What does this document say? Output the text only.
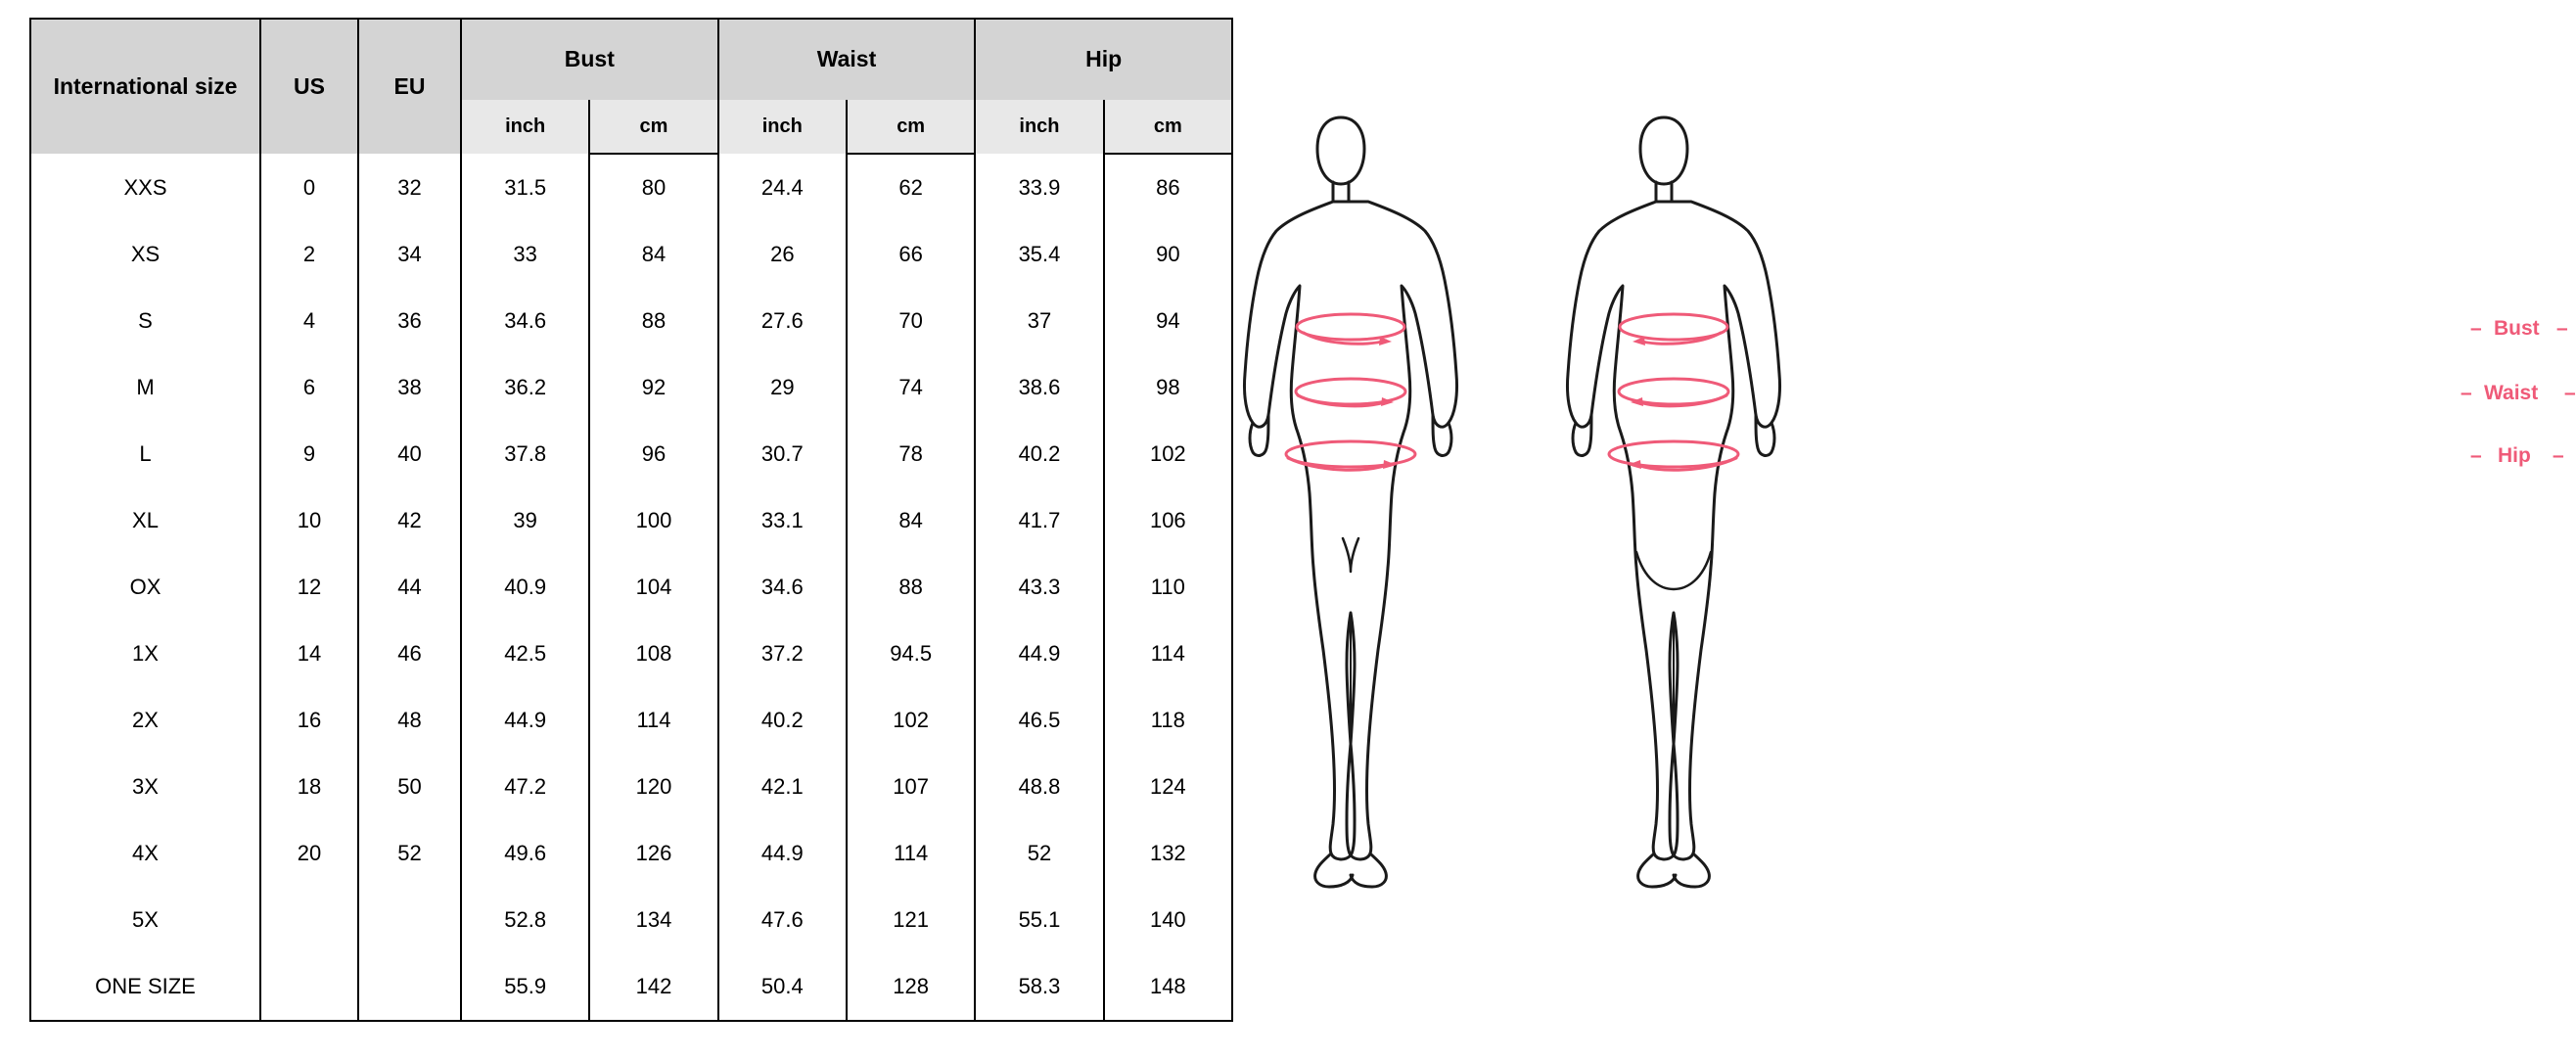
International size	US	EU	Bust		Waist		Hip	
			inch	cm	inch	cm	inch	cm
XXS	0	32	31.5	80	24.4	62	33.9	86
XS	2	34	33	84	26	66	35.4	90
S	4	36	34.6	88	27.6	70	37	94
M	6	38	36.2	92	29	74	38.6	98
L	9	40	37.8	96	30.7	78	40.2	102
XL	10	42	39	100	33.1	84	41.7	106
OX	12	44	40.9	104	34.6	88	43.3	110
1X	14	46	42.5	108	37.2	94.5	44.9	114
2X	16	48	44.9	114	40.2	102	46.5	118
3X	18	50	47.2	120	42.1	107	48.8	124
4X	20	52	49.6	126	44.9	114	52	132
5X			52.8	134	47.6	121	55.1	140
ONE SIZE			55.9	142	50.4	128	58.3	148
– Bust –
– Waist –
– Hip –
